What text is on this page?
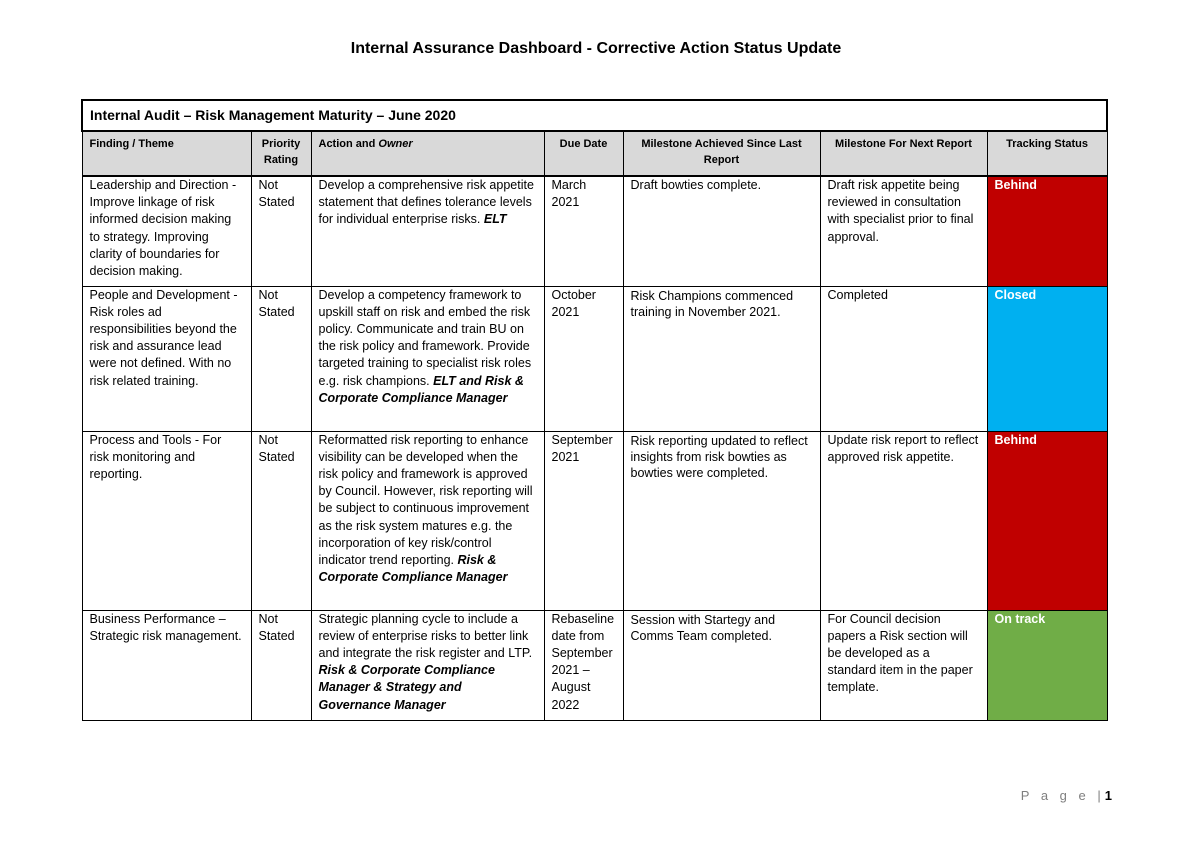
Internal Assurance Dashboard - Corrective Action Status Update
Internal Audit – Risk Management Maturity – June 2020						
Finding / Theme	Priority Rating	Action and Owner	Due Date	Milestone Achieved Since Last Report	Milestone For Next Report	Tracking Status
Leadership and Direction - Improve linkage of risk informed decision making to strategy. Improving clarity of boundaries for decision making.	Not Stated	Develop a comprehensive risk appetite statement that defines tolerance levels for individual enterprise risks. ELT	March 2021	Draft bowties complete.	Draft risk appetite being reviewed in consultation with specialist prior to final approval.	Behind
People and Development - Risk roles ad responsibilities beyond the risk and assurance lead were not defined. With no risk related training.	Not Stated	Develop a competency framework to upskill staff on risk and embed the risk policy. Communicate and train BU on the risk policy and framework. Provide targeted training to specialist risk roles e.g. risk champions. ELT and Risk & Corporate Compliance Manager	October 2021	Risk Champions commenced training in November 2021.	Completed	Closed
Process and Tools - For risk monitoring and reporting.	Not Stated	Reformatted risk reporting to enhance visibility can be developed when the risk policy and framework is approved by Council. However, risk reporting will be subject to continuous improvement as the risk system matures e.g. the incorporation of key risk/control indicator trend reporting. Risk & Corporate Compliance Manager	September 2021	Risk reporting updated to reflect insights from risk bowties as bowties were completed.	Update risk report to reflect approved risk appetite.	Behind
Business Performance – Strategic risk management.	Not Stated	Strategic planning cycle to include a review of enterprise risks to better link and integrate the risk register and LTP. Risk & Corporate Compliance Manager & Strategy and Governance Manager	Rebaseline date from September 2021 – August 2022	Session with Startegy and Comms Team completed.	For Council decision papers a Risk section will be developed as a standard item in the paper template.	On track
P a g e |1
